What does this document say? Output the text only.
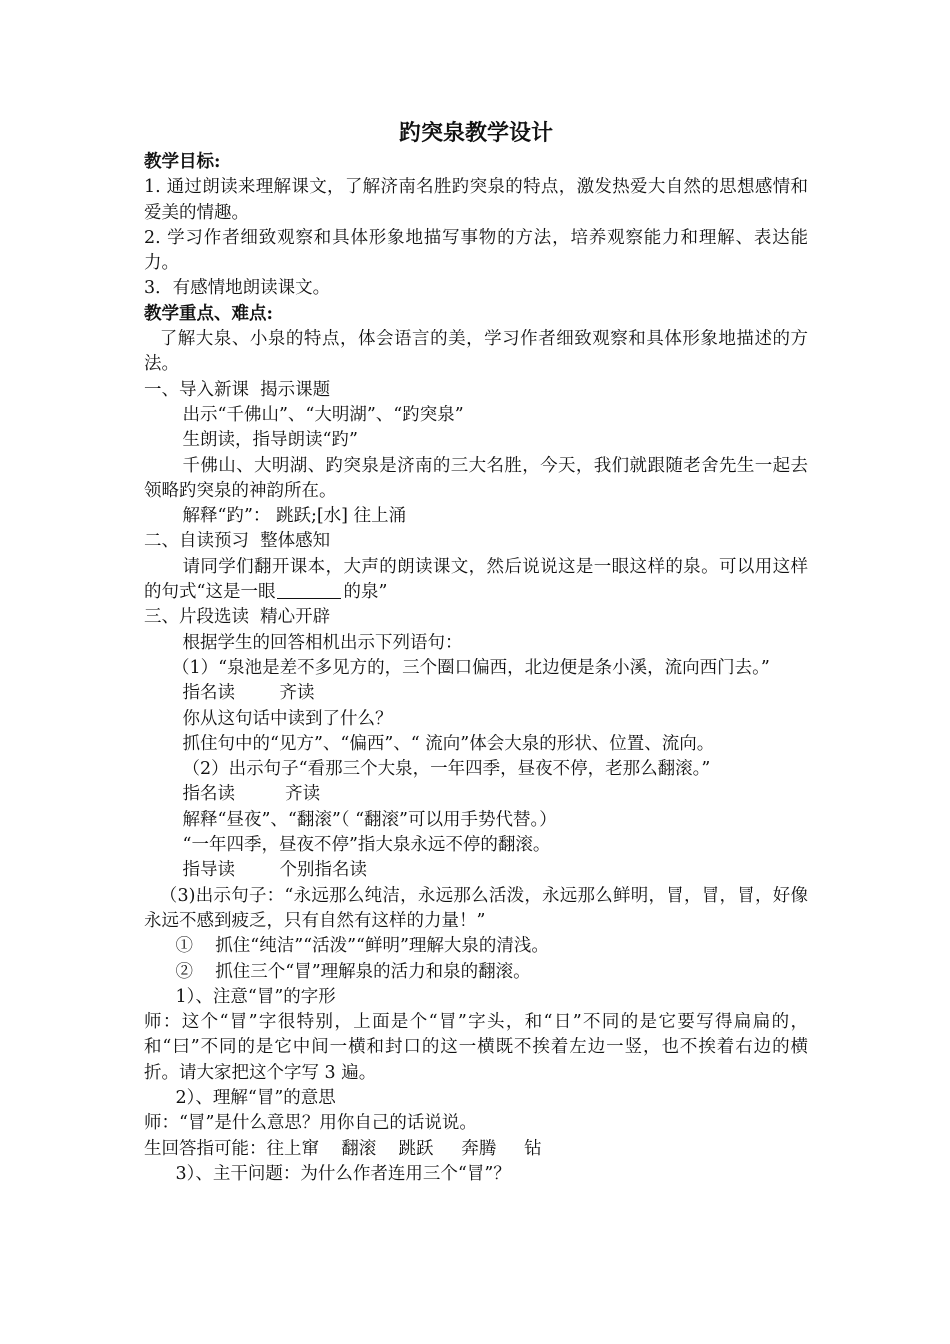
趵突泉教学设计
教学目标:
1. 通过朗读来理解课文，了解济南名胜趵突泉的特点，激发热爱大自然的思想感情和爱美的情趣。
2. 学习作者细致观察和具体形象地描写事物的方法，培养观察能力和理解、表达能力。
3．有感情地朗读课文。
教学重点、难点:
了解大泉、小泉的特点，体会语言的美，学习作者细致观察和具体形象地描述的方法。
一、导入新课  揭示课题
出示“千佛山”、“大明湖”、“趵突泉”
生朗读，指导朗读“趵”
千佛山、大明湖、趵突泉是济南的三大名胜，今天，我们就跟随老舍先生一起去领略趵突泉的神韵所在。
解释“趵”： 跳跃;[水] 往上涌
二、自读预习  整体感知
请同学们翻开课本，大声的朗读课文，然后说说这是一眼这样的泉。可以用这样的句式“这是一眼	的泉”
三、片段选读  精心开辟
根据学生的回答相机出示下列语句：
（1）“泉池是差不多见方的，三个圈口偏西，北边便是条小溪，流向西门去。”
指名读        齐读
你从这句话中读到了什么？
抓住句中的“见方”、“偏西”、“ 流向”体会大泉的形状、位置、流向。
（2）出示句子“看那三个大泉，一年四季，昼夜不停，老那么翻滚。”
指名读         齐读
解释“昼夜”、“翻滚”（ “翻滚”可以用手势代替。）
“一年四季，昼夜不停”指大泉永远不停的翻滚。
指导读        个别指名读
（3)出示句子：“永远那么纯洁，永远那么活泼，永远那么鲜明，冒，冒，冒，好像永远不感到疲乏，只有自然有这样的力量！”
①    抓住“纯洁”“活泼”“鲜明”理解大泉的清浅。
②    抓住三个“冒”理解泉的活力和泉的翻滚。
1）、注意“冒”的字形
师：这个“冒”字很特别，上面是个“冒”字头，和“日”不同的是它要写得扁扁的，和“曰”不同的是它中间一横和封口的这一横既不挨着左边一竖，也不挨着右边的横折。请大家把这个字写 3 遍。
2）、理解“冒”的意思
师：“冒”是什么意思？用你自己的话说说。
生回答指可能：往上窜    翻滚    跳跃     奔腾     钻
3）、主干问题：为什么作者连用三个“冒”？
